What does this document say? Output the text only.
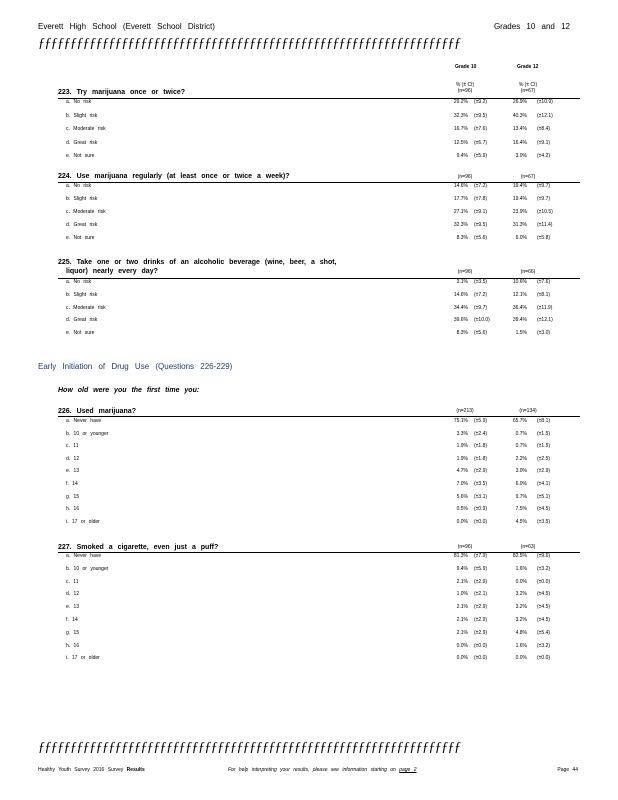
Everett High School (Everett School District)	Grades 10 and 12
ƒƒƒƒƒƒƒƒƒƒƒƒƒƒƒƒƒƒƒƒƒƒƒƒƒƒƒƒƒƒƒƒƒƒƒƒƒƒƒƒƒƒƒƒƒƒƒƒƒƒƒƒƒƒƒƒƒƒƒƒƒƒƒƒƒƒ
Grade 10	Grade 12
% (± CI)	% (± CI)
223. Try marijuana once or twice?	(n=96)	(n=67)
a. No risk	29.2% (±9.2)	26.9% (±10.9)
b. Slight risk	32.3% (±9.5)	40.3% (±12.1)
c. Moderate risk	16.7% (±7.6)	13.4% (±8.4)
d. Great risk	12.5% (±6.7)	16.4% (±9.1)
e. Not sure	9.4% (±5.9)	3.0% (±4.2)
224. Use marijuana regularly (at least once or twice a week)?	(n=96)	(n=67)
a. No risk	14.6% (±7.2)	19.4% (±9.7)
b. Slight risk	17.7% (±7.8)	19.4% (±9.7)
c. Moderate risk	27.1% (±9.1)	23.9% (±10.5)
d. Great risk	32.3% (±9.5)	31.3% (±11.4)
e. Not sure	8.3% (±5.6)	6.0% (±5.8)
225. Take one or two drinks of an alcoholic beverage (wine, beer, a shot,
liquor) nearly every day?	(n=96)	(n=66)
a. No risk	3.1% (±3.5)	10.6% (±7.6)
b. Slight risk	14.6% (±7.2)	12.1% (±8.1)
c. Moderate risk	34.4% (±9.7)	36.4% (±11.9)
d. Great risk	39.6% (±10.0)	39.4% (±12.1)
e. Not sure	8.3% (±5.6)	1.5% (±3.0)
226. Used marijuana?	(n=213)	(n=134)
a. Never have	75.1% (±5.9)	65.7% (±8.1)
b. 10 or younger	3.3% (±2.4)	0.7% (±1.5)
c. 11	1.9% (±1.8)	0.7% (±1.5)
d. 12	1.9% (±1.8)	2.2% (±2.5)
e. 13	4.7% (±2.9)	3.0% (±2.9)
f. 14	7.0% (±3.5)	6.0% (±4.1)
g. 15	5.6% (±3.1)	9.7% (±5.1)
h. 16	0.5% (±0.9)	7.5% (±4.5)
i. 17 or older	0.0% (±0.0)	4.5% (±3.5)
227. Smoked a cigarette, even just a puff?	(n=96)	(n=63)
a. Never have	81.3% (±7.9)	82.5% (±9.6)
b. 10 or younger	9.4% (±5.9)	1.6% (±3.2)
c. 11	2.1% (±2.9)	0.0% (±0.0)
d. 12	1.0% (±2.1)	3.2% (±4.5)
e. 13	2.1% (±2.9)	3.2% (±4.5)
f. 14	2.1% (±2.9)	3.2% (±4.5)
g. 15	2.1% (±2.9)	4.8% (±5.4)
h. 16	0.0% (±0.0)	1.6% (±3.2)
i. 17 or older	0.0% (±0.0)	0.0% (±0.0)
Early Initiation of Drug Use (Questions 226-229)
How old were you the first time you:
ƒƒƒƒƒƒƒƒƒƒƒƒƒƒƒƒƒƒƒƒƒƒƒƒƒƒƒƒƒƒƒƒƒƒƒƒƒƒƒƒƒƒƒƒƒƒƒƒƒƒƒƒƒƒƒƒƒƒƒƒƒƒƒƒƒƒ
Healthy Youth Survey 2016 Survey Results	For help interpreting your results, please see information starting on page 2	Page 44
